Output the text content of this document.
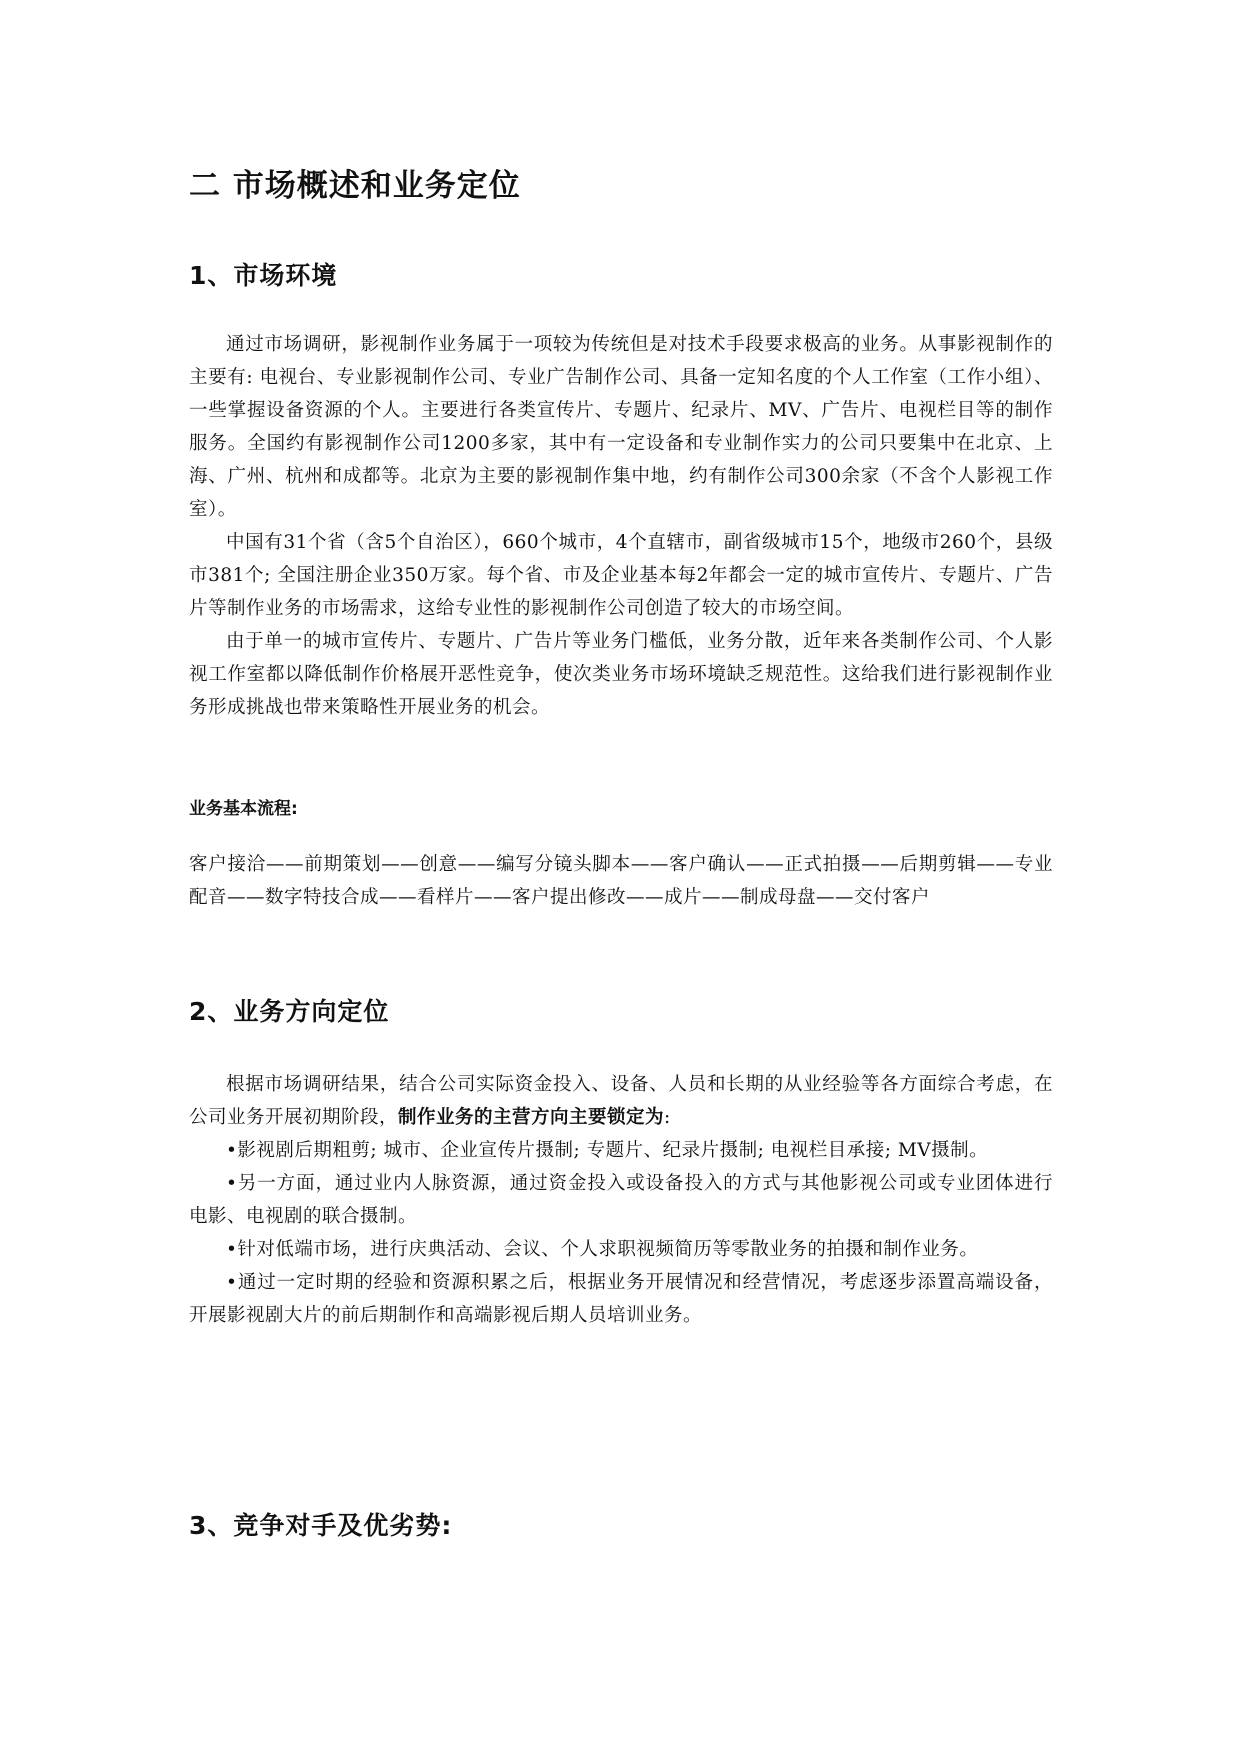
二 市场概述和业务定位
1、市场环境

通过市场调研，影视制作业务属于一项较为传统但是对技术手段要求极高的业务。从事影视制作的主要有: 电视台、专业影视制作公司、专业广告制作公司、具备一定知名度的个人工作室（工作小组）、一些掌握设备资源的个人。主要进行各类宣传片、专题片、纪录片、MV、广告片、电视栏目等的制作服务。全国约有影视制作公司1200多家，其中有一定设备和专业制作实力的公司只要集中在北京、上海、广州、杭州和成都等。北京为主要的影视制作集中地，约有制作公司300余家（不含个人影视工作室）。

中国有31个省（含5个自治区），660个城市，4个直辖市，副省级城市15个，地级市260个，县级市381个; 全国注册企业350万家。每个省、市及企业基本每2年都会一定的城市宣传片、专题片、广告片等制作业务的市场需求，这给专业性的影视制作公司创造了较大的市场空间。

由于单一的城市宣传片、专题片、广告片等业务门槛低，业务分散，近年来各类制作公司、个人影视工作室都以降低制作价格展开恶性竞争，使次类业务市场环境缺乏规范性。这给我们进行影视制作业务形成挑战也带来策略性开展业务的机会。

业务基本流程:

客户接洽——前期策划——创意——编写分镜头脚本——客户确认——正式拍摄——后期剪辑——专业配音——数字特技合成——看样片——客户提出修改——成片——制成母盘——交付客户

2、业务方向定位

根据市场调研结果，结合公司实际资金投入、设备、人员和长期的从业经验等各方面综合考虑，在公司业务开展初期阶段，制作业务的主营方向主要锁定为:

•影视剧后期粗剪; 城市、企业宣传片摄制; 专题片、纪录片摄制; 电视栏目承接; MV摄制。

•另一方面，通过业内人脉资源，通过资金投入或设备投入的方式与其他影视公司或专业团体进行电影、电视剧的联合摄制。

•针对低端市场，进行庆典活动、会议、个人求职视频简历等零散业务的拍摄和制作业务。

•通过一定时期的经验和资源积累之后，根据业务开展情况和经营情况，考虑逐步添置高端设备，开展影视剧大片的前后期制作和高端影视后期人员培训业务。

3、竞争对手及优劣势:
